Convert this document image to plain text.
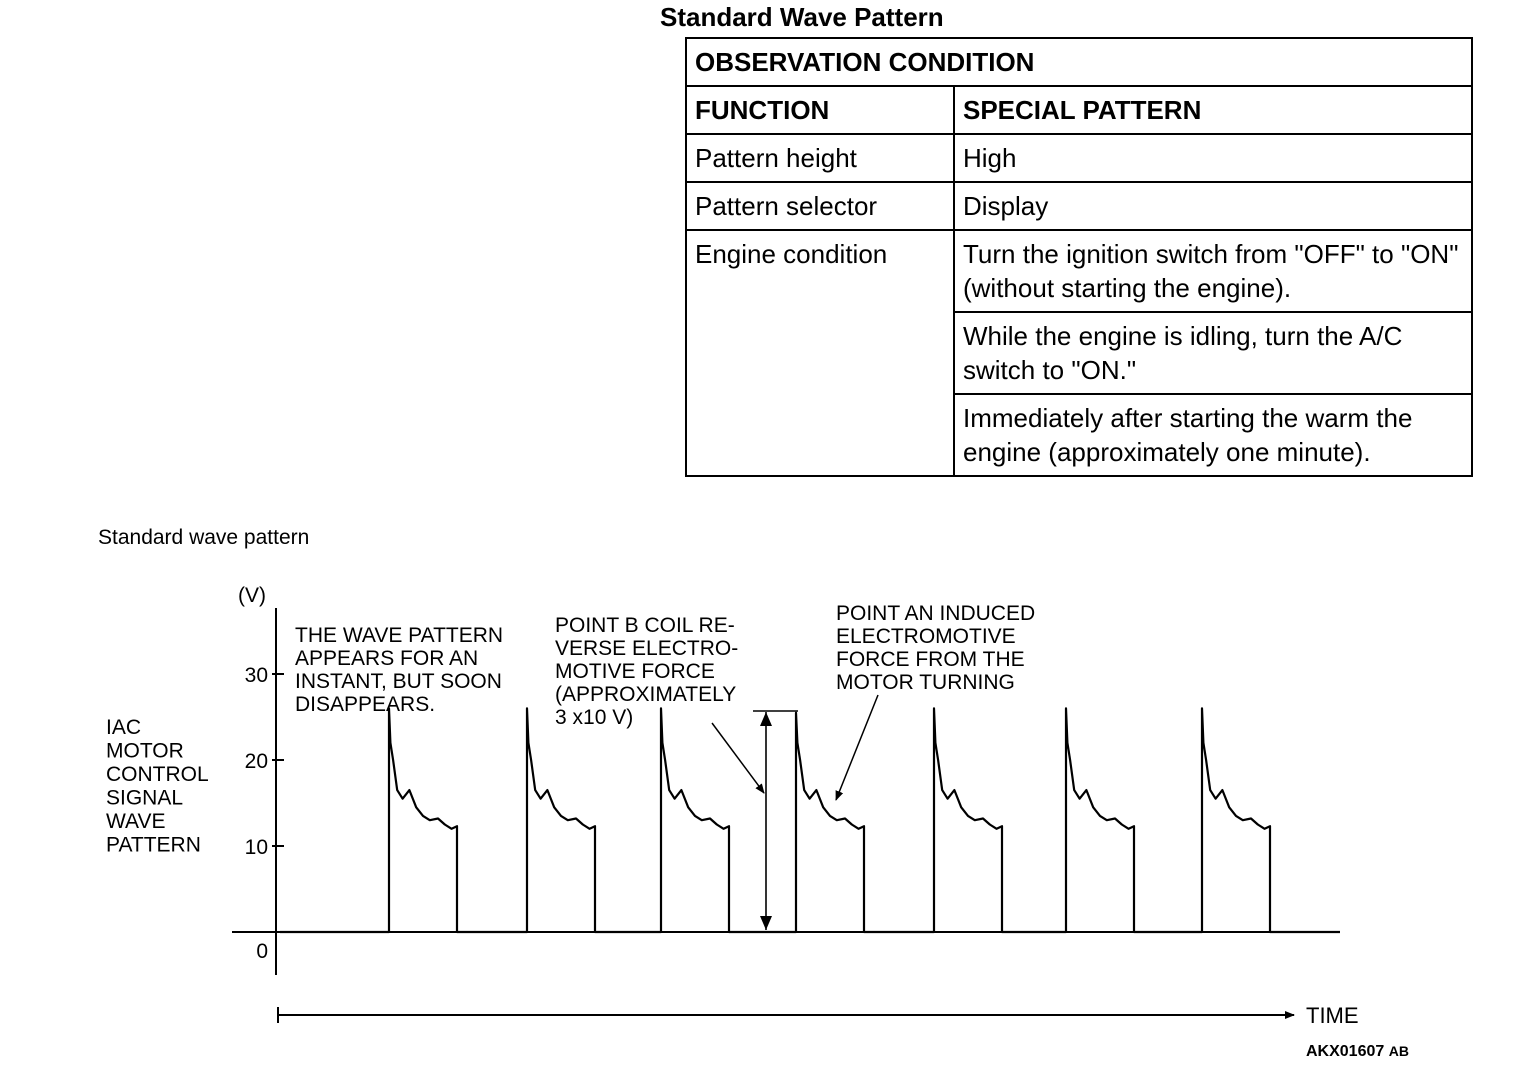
Standard Wave Pattern
OBSERVATION CONDITION	
FUNCTION	SPECIAL PATTERN
Pattern height	High
Pattern selector	Display
Engine condition	Turn the ignition switch from "OFF" to "ON" (without starting the engine).
	While the engine is idling, turn the A/C switch to "ON."
	Immediately after starting the warm the engine (approximately one minute).
Standard wave pattern
0
10
20
30
(V)
IAC
MOTOR
CONTROL
SIGNAL
WAVE
PATTERN
THE WAVE PATTERN APPEARS FOR AN INSTANT, BUT SOON DISAPPEARS.
POINT B COIL RE-VERSE ELECTRO-MOTIVE FORCE (APPROXIMATELY 3 x10 V)
POINT AN INDUCED ELECTROMOTIVE FORCE FROM THE MOTOR TURNING
TIME
AKX01607 AB
